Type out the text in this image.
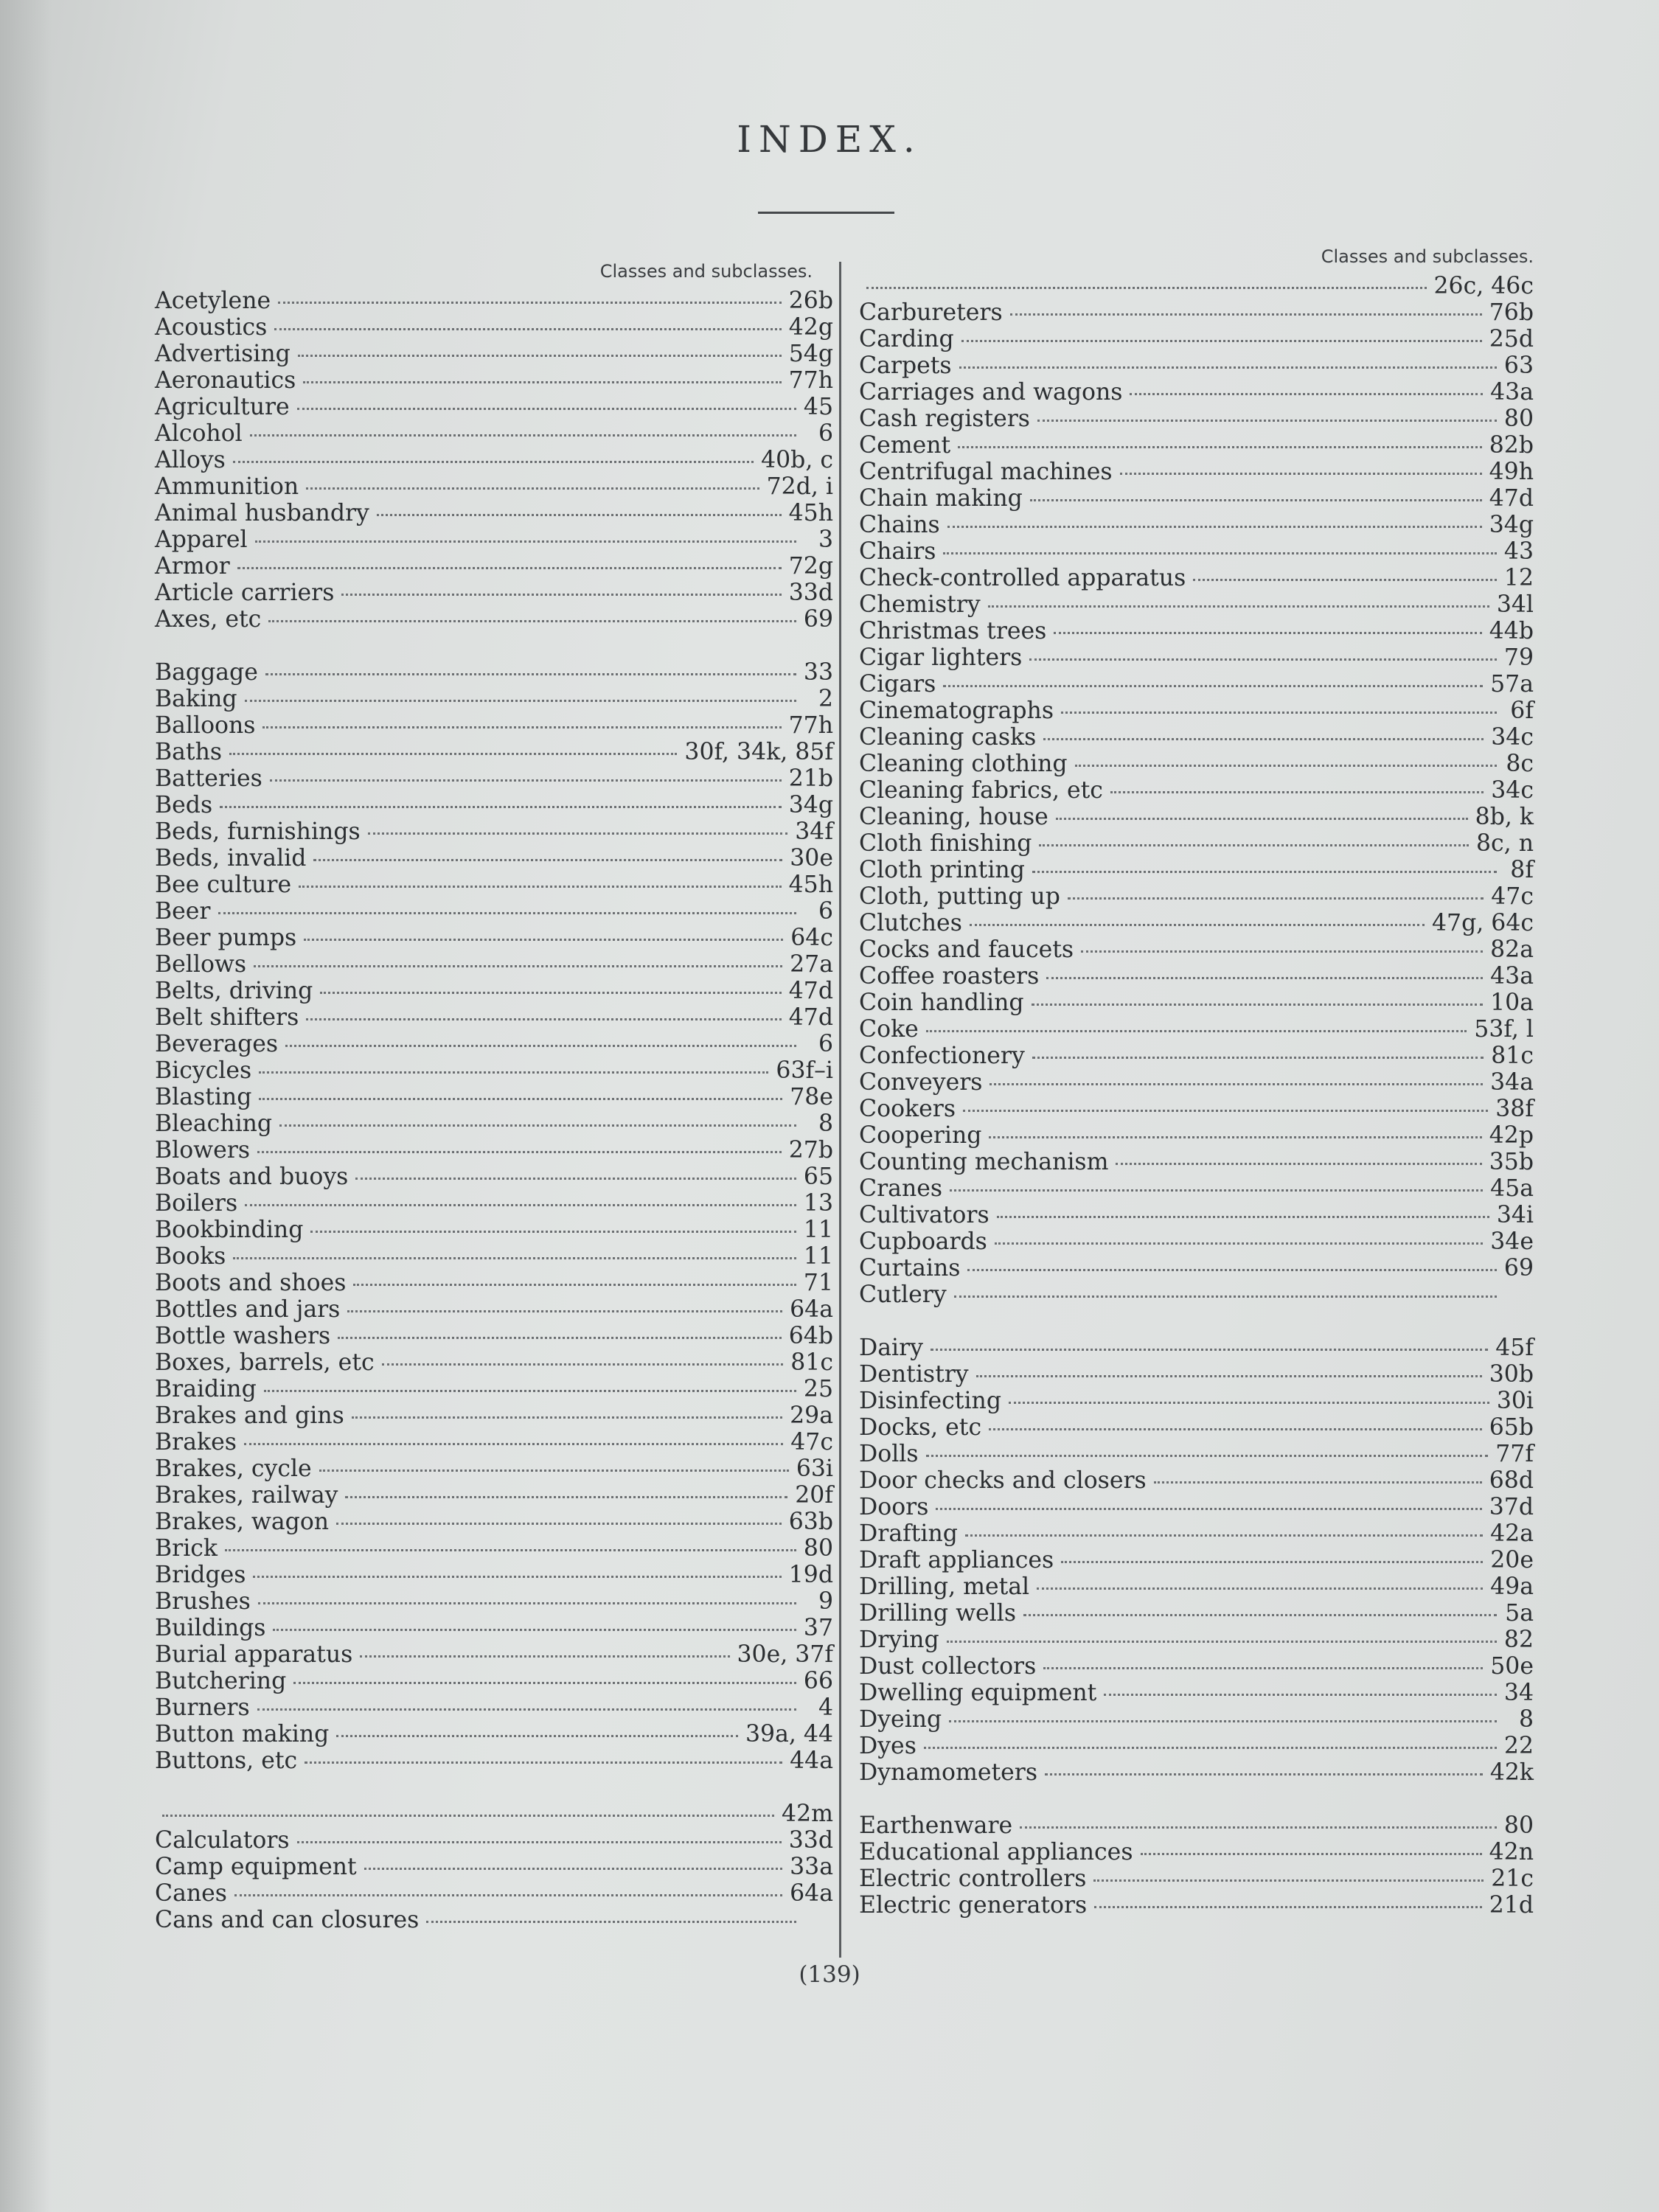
INDEX.
Classes and subclasses.
Acetylene	26b
Acoustics	42g
Advertising	54g
Aeronautics	77h
Agriculture	45
Alcohol	6
Alloys	40b, c
Ammunition	72d, i
Animal husbandry	45h
Apparel	3
Armor	72g
Article carriers	33d
Axes, etc	69
Baggage	33
Baking	2
Balloons	77h
Baths	30f, 34k, 85f
Batteries	21b
Beds	34g
Beds, furnishings	34f
Beds, invalid	30e
Bee culture	45h
Beer	6
Beer pumps	64c
Bellows	27a
Belts, driving	47d
Belt shifters	47d
Beverages	6
Bicycles	63f–i
Blasting	78e
Bleaching	8
Blowers	27b
Boats and buoys	65
Boilers	13
Bookbinding	11
Books	11
Boots and shoes	71
Bottles and jars	64a
Bottle washers	64b
Boxes, barrels, etc	81c
Braiding	25
Brakes and gins	29a
Brakes	47c
Brakes, cycle	63i
Brakes, railway	20f
Brakes, wagon	63b
Brick	80
Bridges	19d
Brushes	9
Buildings	37
Burial apparatus	30e, 37f
Butchering	66
Burners	4
Button making	39a, 44
Buttons, etc	44a
42m
Calculators	33d
Camp equipment	33a
Canes	64a
Cans and can closures
Classes and subclasses.
26c, 46c
Carbureters	76b
Carding	25d
Carpets	63
Carriages and wagons	43a
Cash registers	80
Cement	82b
Centrifugal machines	49h
Chain making	47d
Chains	34g
Chairs	43
Check-controlled apparatus	12
Chemistry	34l
Christmas trees	44b
Cigar lighters	79
Cigars	57a
Cinematographs	6f
Cleaning casks	34c
Cleaning clothing	8c
Cleaning fabrics, etc	34c
Cleaning, house	8b, k
Cloth finishing	8c, n
Cloth printing	8f
Cloth, putting up	47c
Clutches	47g, 64c
Cocks and faucets	82a
Coffee roasters	43a
Coin handling	10a
Coke	53f, l
Confectionery	81c
Conveyers	34a
Cookers	38f
Coopering	42p
Counting mechanism	35b
Cranes	45a
Cultivators	34i
Cupboards	34e
Curtains	69
Cutlery
Dairy	45f
Dentistry	30b
Disinfecting	30i
Docks, etc	65b
Dolls	77f
Door checks and closers	68d
Doors	37d
Drafting	42a
Draft appliances	20e
Drilling, metal	49a
Drilling wells	5a
Drying	82
Dust collectors	50e
Dwelling equipment	34
Dyeing	8
Dyes	22
Dynamometers	42k
Earthenware	80
Educational appliances	42n
Electric controllers	21c
Electric generators	21d
(139)
